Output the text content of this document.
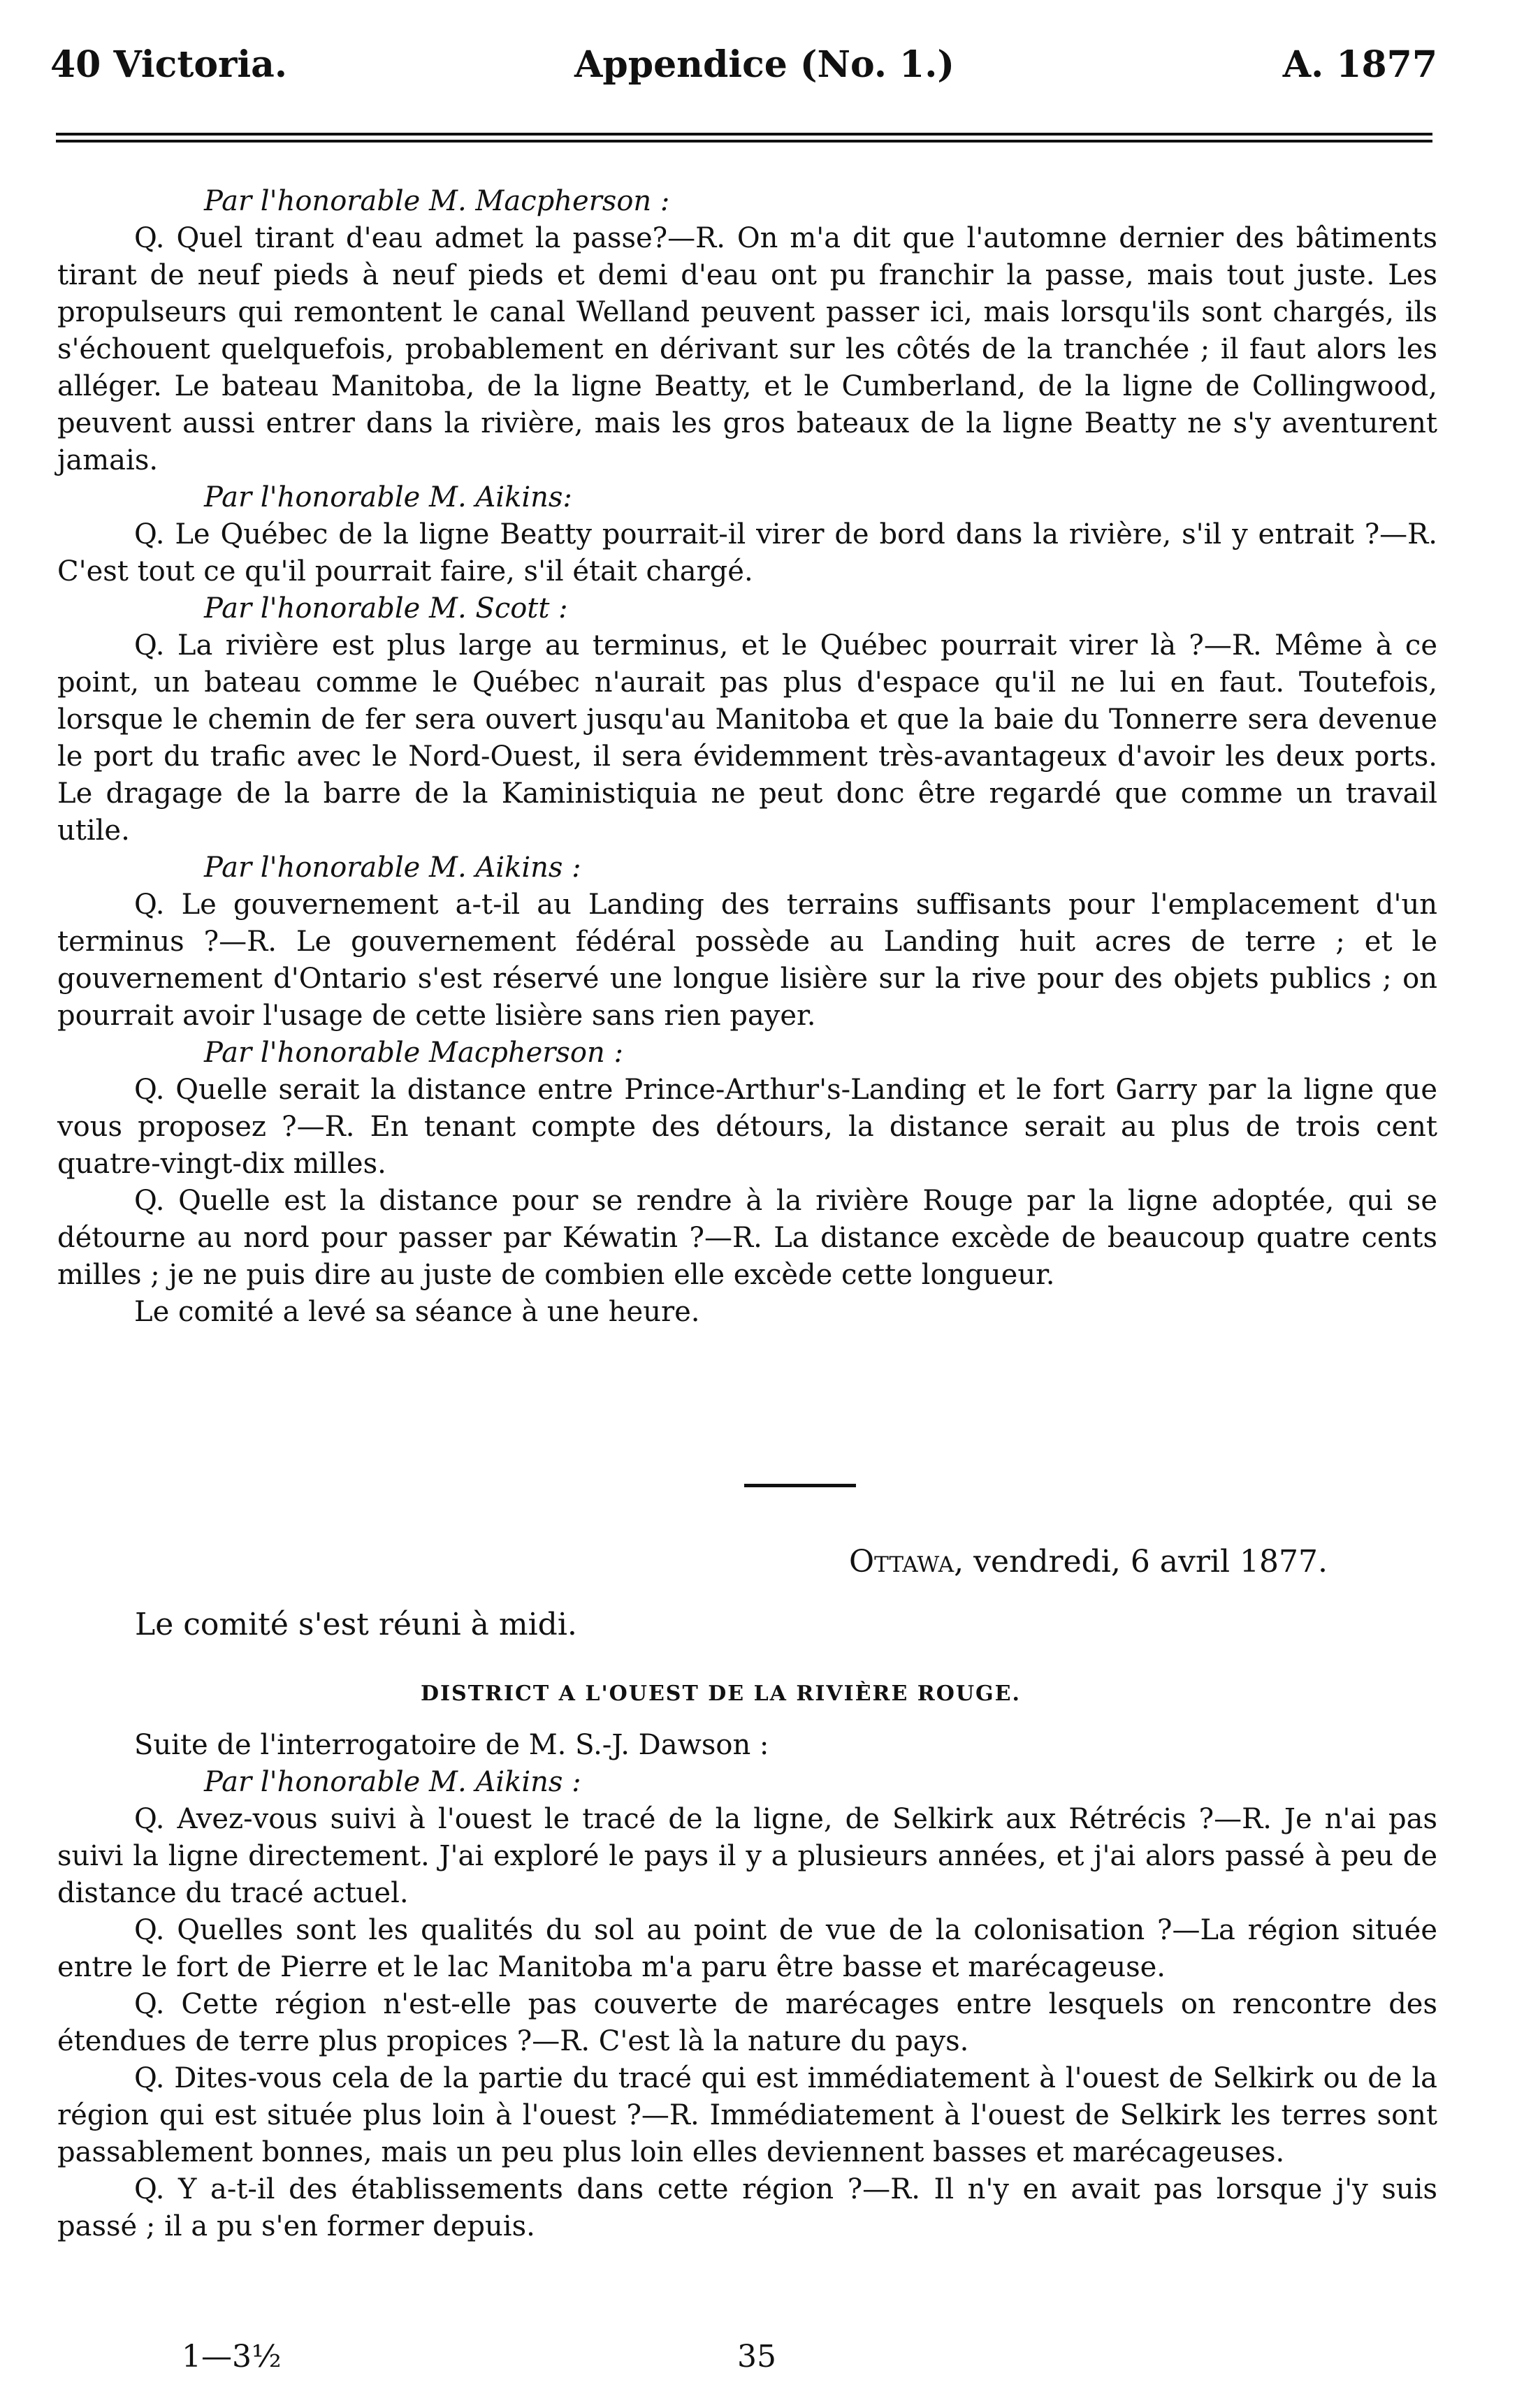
40 Victoria.	Appendice (No. 1.)	A. 1877

Par l'honorable M. Macpherson :

Q. Quel tirant d'eau admet la passe?—R. On m'a dit que l'automne dernier des bâtiments tirant de neuf pieds à neuf pieds et demi d'eau ont pu franchir la passe, mais tout juste. Les propulseurs qui remontent le canal Welland peuvent passer ici, mais lorsqu'ils sont chargés, ils s'échouent quelquefois, probablement en dérivant sur les côtés de la tranchée ; il faut alors les alléger. Le bateau Manitoba, de la ligne Beatty, et le Cumberland, de la ligne de Collingwood, peuvent aussi entrer dans la rivière, mais les gros bateaux de la ligne Beatty ne s'y aventurent jamais.

Par l'honorable M. Aikins:

Q. Le Québec de la ligne Beatty pourrait-il virer de bord dans la rivière, s'il y entrait ?—R. C'est tout ce qu'il pourrait faire, s'il était chargé.

Par l'honorable M. Scott :

Q. La rivière est plus large au terminus, et le Québec pourrait virer là ?—R. Même à ce point, un bateau comme le Québec n'aurait pas plus d'espace qu'il ne lui en faut. Toutefois, lorsque le chemin de fer sera ouvert jusqu'au Manitoba et que la baie du Tonnerre sera devenue le port du trafic avec le Nord-Ouest, il sera évidemment très-avantageux d'avoir les deux ports. Le dragage de la barre de la Kaministiquia ne peut donc être regardé que comme un travail utile.

Par l'honorable M. Aikins :

Q. Le gouvernement a-t-il au Landing des terrains suffisants pour l'emplacement d'un terminus ?—R. Le gouvernement fédéral possède au Landing huit acres de terre ; et le gouvernement d'Ontario s'est réservé une longue lisière sur la rive pour des objets publics ; on pourrait avoir l'usage de cette lisière sans rien payer.

Par l'honorable Macpherson :

Q. Quelle serait la distance entre Prince-Arthur's-Landing et le fort Garry par la ligne que vous proposez ?—R. En tenant compte des détours, la distance serait au plus de trois cent quatre-vingt-dix milles.

Q. Quelle est la distance pour se rendre à la rivière Rouge par la ligne adoptée, qui se détourne au nord pour passer par Kéwatin ?—R. La distance excède de beaucoup quatre cents milles ; je ne puis dire au juste de combien elle excède cette longueur.

Le comité a levé sa séance à une heure.

Ottawa, vendredi, 6 avril 1877.
Le comité s'est réuni à midi.
DISTRICT A L'OUEST DE LA RIVIÈRE ROUGE.

Suite de l'interrogatoire de M. S.-J. Dawson :

Par l'honorable M. Aikins :

Q. Avez-vous suivi à l'ouest le tracé de la ligne, de Selkirk aux Rétrécis ?—R. Je n'ai pas suivi la ligne directement. J'ai exploré le pays il y a plusieurs années, et j'ai alors passé à peu de distance du tracé actuel.

Q. Quelles sont les qualités du sol au point de vue de la colonisation ?—La région située entre le fort de Pierre et le lac Manitoba m'a paru être basse et marécageuse.

Q. Cette région n'est-elle pas couverte de marécages entre lesquels on rencontre des étendues de terre plus propices ?—R. C'est là la nature du pays.

Q. Dites-vous cela de la partie du tracé qui est immédiatement à l'ouest de Selkirk ou de la région qui est située plus loin à l'ouest ?—R. Immédiatement à l'ouest de Selkirk les terres sont passablement bonnes, mais un peu plus loin elles deviennent basses et marécageuses.

Q. Y a-t-il des établissements dans cette région ?—R. Il n'y en avait pas lorsque j'y suis passé ; il a pu s'en former depuis.

1—3½	35
